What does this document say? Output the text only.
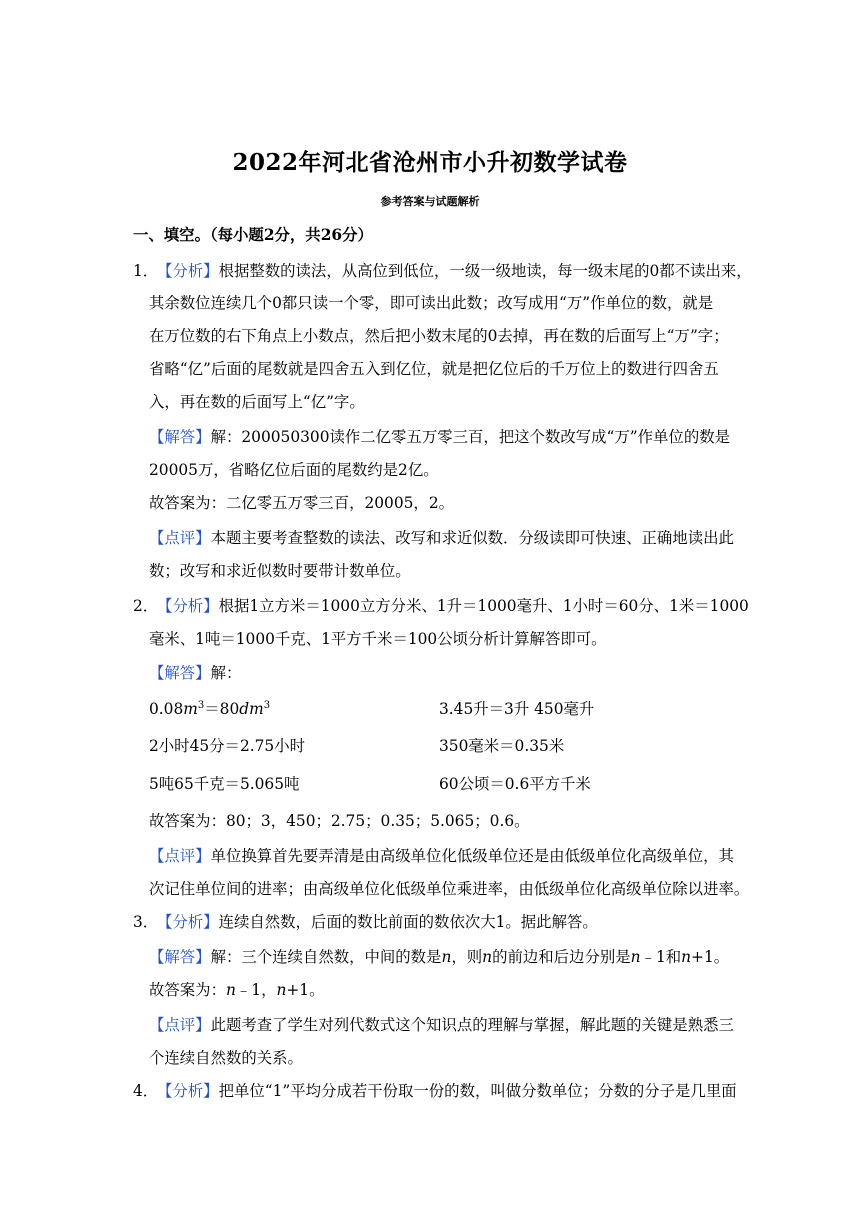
2022年河北省沧州市小升初数学试卷
参考答案与试题解析
一、填空。（每小题2分，共26分）
1．【分析】根据整数的读法，从高位到低位，一级一级地读，每一级末尾的0都不读出来，
其余数位连续几个0都只读一个零，即可读出此数；改写成用“万”作单位的数，就是
在万位数的右下角点上小数点，然后把小数末尾的0去掉，再在数的后面写上“万”字；
省略“亿”后面的尾数就是四舍五入到亿位，就是把亿位后的千万位上的数进行四舍五
入，再在数的后面写上“亿”字。
【解答】解：200050300读作二亿零五万零三百，把这个数改写成“万”作单位的数是
20005万，省略亿位后面的尾数约是2亿。
故答案为：二亿零五万零三百，20005，2。
【点评】本题主要考查整数的读法、改写和求近似数．分级读即可快速、正确地读出此
数；改写和求近似数时要带计数单位。
2．【分析】根据1立方米＝1000立方分米、1升＝1000毫升、1小时＝60分、1米＝1000
毫米、1吨＝1000千克、1平方千米＝100公顷分析计算解答即可。
【解答】解：
$0.08m^3=80dm^3$	3.45升＝3升 450毫升
2小时45分＝2.75小时	350毫米＝0.35米
5吨65千克＝5.065吨	60公顷＝0.6平方千米
故答案为：80；3，450；2.75；0.35；5.065；0.6。
【点评】单位换算首先要弄清是由高级单位化低级单位还是由低级单位化高级单位，其
次记住单位间的进率；由高级单位化低级单位乘进率，由低级单位化高级单位除以进率。
3．【分析】连续自然数，后面的数比前面的数依次大1。据此解答。
【解答】解：三个连续自然数，中间的数是n，则n的前边和后边分别是n﹣1和n+1。
故答案为：n﹣1，n+1。
【点评】此题考查了学生对列代数式这个知识点的理解与掌握，解此题的关键是熟悉三
个连续自然数的关系。
4．【分析】把单位“1”平均分成若干份取一份的数，叫做分数单位；分数的分子是几里面
